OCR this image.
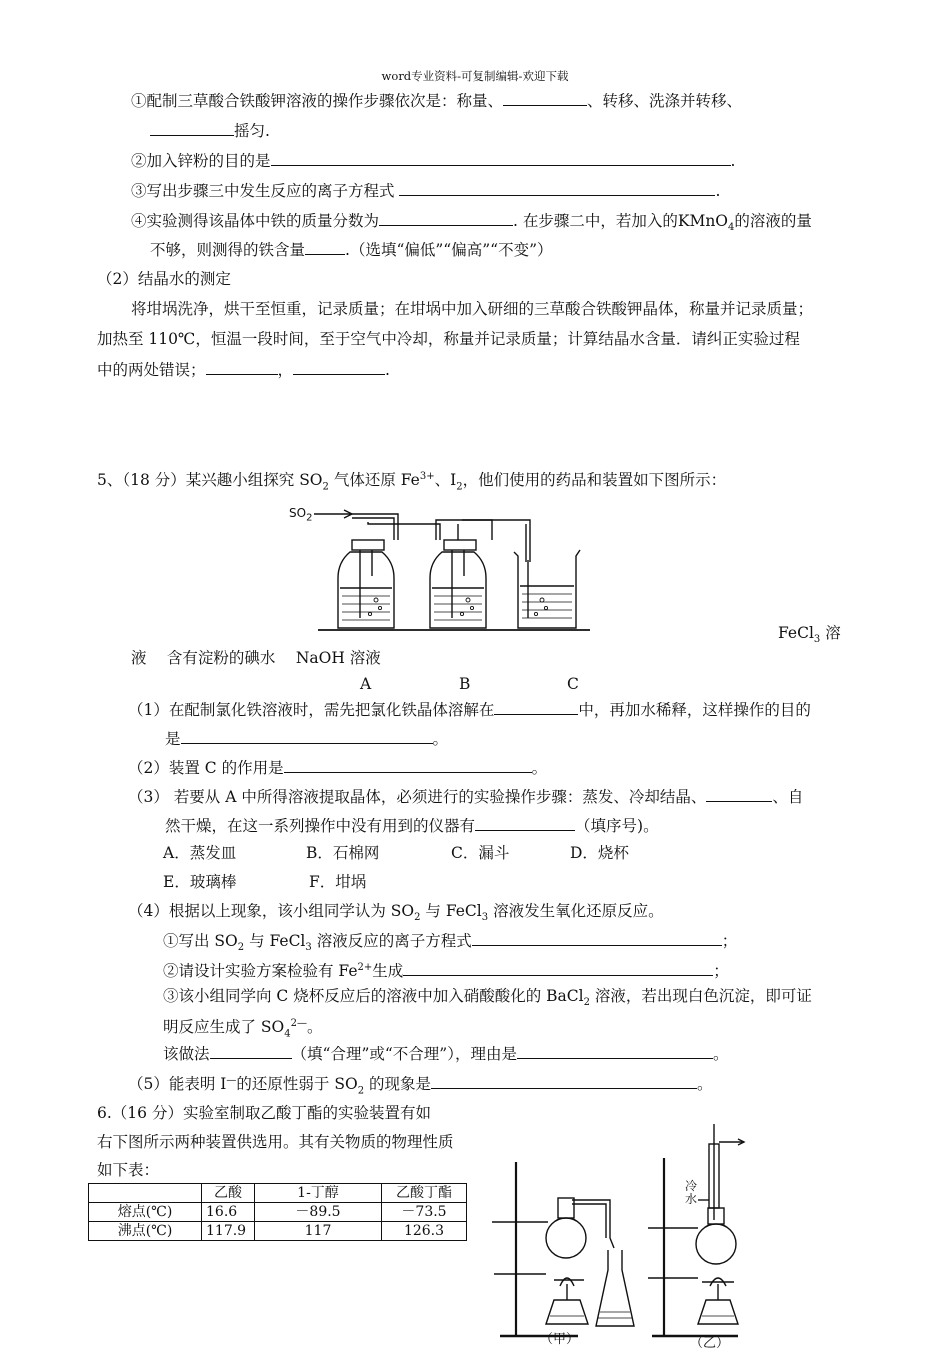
word专业资料-可复制编辑-欢迎下载
①配制三草酸合铁酸钾溶液的操作步骤依次是：称量、	、转移、洗涤并转移、
摇匀.
②加入锌粉的目的是	.
③写出步骤三中发生反应的离子方程式	.
④实验测得该晶体中铁的质量分数为	. 在步骤二中，若加入的KMnO$_4$的溶液的量
不够，则测得的铁含量	.（选填“偏低”“偏高”“不变”）
（2）结晶水的测定
将坩埚洗净，烘干至恒重，记录质量；在坩埚中加入研细的三草酸合铁酸钾晶体，称量并记录质量；
加热至 110℃，恒温一段时间，至于空气中冷却，称量并记录质量；计算结晶水含量．请纠正实验过程
中的两处错误；	，	.
5、（18 分）某兴趣小组探究 $SO_2$ 气体还原 $Fe^{3+}$、$I_2$，他们使用的药品和装置如下图所示：
$SO_2$
FeCl$_3$ 溶
液　 含有淀粉的碘水　 NaOH 溶液
A	B	C
（1）在配制氯化铁溶液时，需先把氯化铁晶体溶解在	中，再加水稀释，这样操作的目的
是	。
（2）装置 C 的作用是	。
（3） 若要从 A 中所得溶液提取晶体，必须进行的实验操作步骤：蒸发、冷却结晶、	、自
然干燥，在这一系列操作中没有用到的仪器有	（填序号)。
A．蒸发皿	B．石棉网	C．漏斗	D．烧杯
E．玻璃棒	F．坩埚
（4）根据以上现象，该小组同学认为 $SO_2$ 与 FeCl$_3$ 溶液发生氧化还原反应。
①写出 $SO_2$ 与 FeCl$_3$ 溶液反应的离子方程式	；
②请设计实验方案检验有 $Fe^{2+}$生成	；
③该小组同学向 C 烧杯反应后的溶液中加入硝酸酸化的 BaCl$_2$ 溶液，若出现白色沉淀，即可证
明反应生成了 $SO_4^{2—}$。
该做法	（填“合理”或“不合理”），理由是	。
（5）能表明 I—的还原性弱于 $SO_2$ 的现象是	。
6.（16 分）实验室制取乙酸丁酯的实验装置有如
右下图所示两种装置供选用。其有关物质的物理性质
如下表：
	乙酸	1-丁醇	乙酸丁酯
熔点(℃)	16.6	－89.5	－73.5
沸点(℃)	117.9	117	126.3
冷水
（甲）	（乙）
